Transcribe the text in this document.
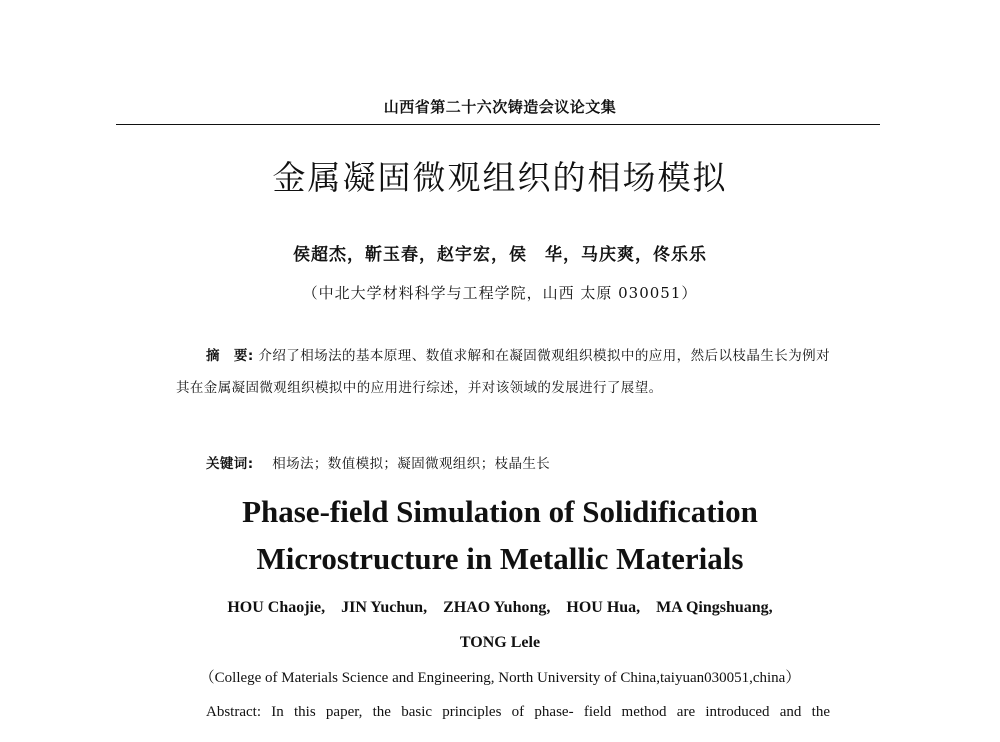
山西省第二十六次铸造会议论文集
金属凝固微观组织的相场模拟
侯超杰，靳玉春，赵宇宏，侯　华，马庆爽，佟乐乐
（中北大学材料科学与工程学院，山西 太原 030051）
摘　要: 介绍了相场法的基本原理、数值求解和在凝固微观组织模拟中的应用，然后以枝晶生长为例对其在金属凝固微观组织模拟中的应用进行综述，并对该领域的发展进行了展望。
关键词: 相场法；数值模拟；凝固微观组织；枝晶生长
Phase-field Simulation of Solidification
Microstructure in Metallic Materials
HOU Chaojie,　JIN Yuchun,　ZHAO Yuhong,　HOU Hua,　MA Qingshuang,
TONG Lele
（College of Materials Science and Engineering, North University of China,taiyuan030051,china）
Abstract: In this paper, the basic principles of phase- field method are introduced and the
